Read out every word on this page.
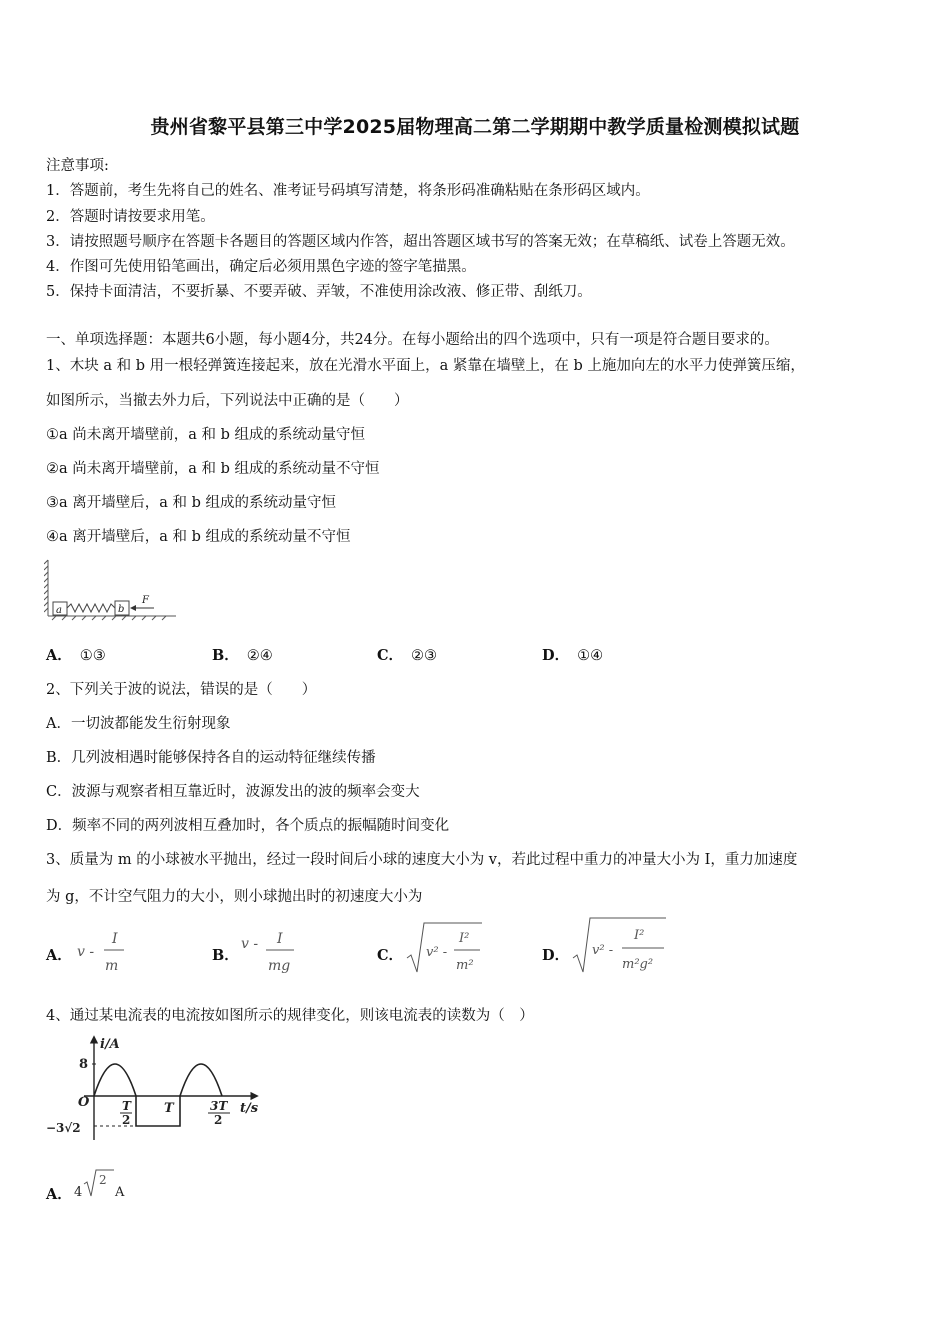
贵州省黎平县第三中学2025届物理高二第二学期期中教学质量检测模拟试题
注意事项:
1．答题前，考生先将自己的姓名、准考证号码填写清楚，将条形码准确粘贴在条形码区域内。
2．答题时请按要求用笔。
3．请按照题号顺序在答题卡各题目的答题区域内作答，超出答题区域书写的答案无效；在草稿纸、试卷上答题无效。
4．作图可先使用铅笔画出，确定后必须用黑色字迹的签字笔描黑。
5．保持卡面清洁，不要折暴、不要弄破、弄皱，不准使用涂改液、修正带、刮纸刀。
一、单项选择题：本题共6小题，每小题4分，共24分。在每小题给出的四个选项中，只有一项是符合题目要求的。
1、木块 a 和 b 用一根轻弹簧连接起来，放在光滑水平面上，a 紧靠在墙壁上，在 b 上施加向左的水平力使弹簧压缩，
如图所示，当撤去外力后，下列说法中正确的是（　　）
①a 尚未离开墙壁前，a 和 b 组成的系统动量守恒
②a 尚未离开墙壁前，a 和 b 组成的系统动量不守恒
③a 离开墙壁后，a 和 b 组成的系统动量守恒
④a 离开墙壁后，a 和 b 组成的系统动量不守恒
a	b
F
A． ①③	B． ②④	C． ②③	D． ①④
2、下列关于波的说法，错误的是（　　）
A．一切波都能发生衍射现象
B．几列波相遇时能够保持各自的运动特征继续传播
C．波源与观察者相互靠近时，波源发出的波的频率会变大
D．频率不同的两列波相互叠加时，各个质点的振幅随时间变化
3、质量为 m 的小球被水平抛出，经过一段时间后小球的速度大小为 v，若此过程中重力的冲量大小为 I，重力加速度
为 g，不计空气阻力的大小，则小球抛出时的初速度大小为
A． v -
I
m
B．
v - I
mg
C．	v² -
I²
m²
D．	v² -
I²
m²g²
4、通过某电流表的电流按如图所示的规律变化，则该电流表的读数为（　）
i/A
t/s
O
8
−3√2
T
2
T	3T
2
A． 4
2
A
